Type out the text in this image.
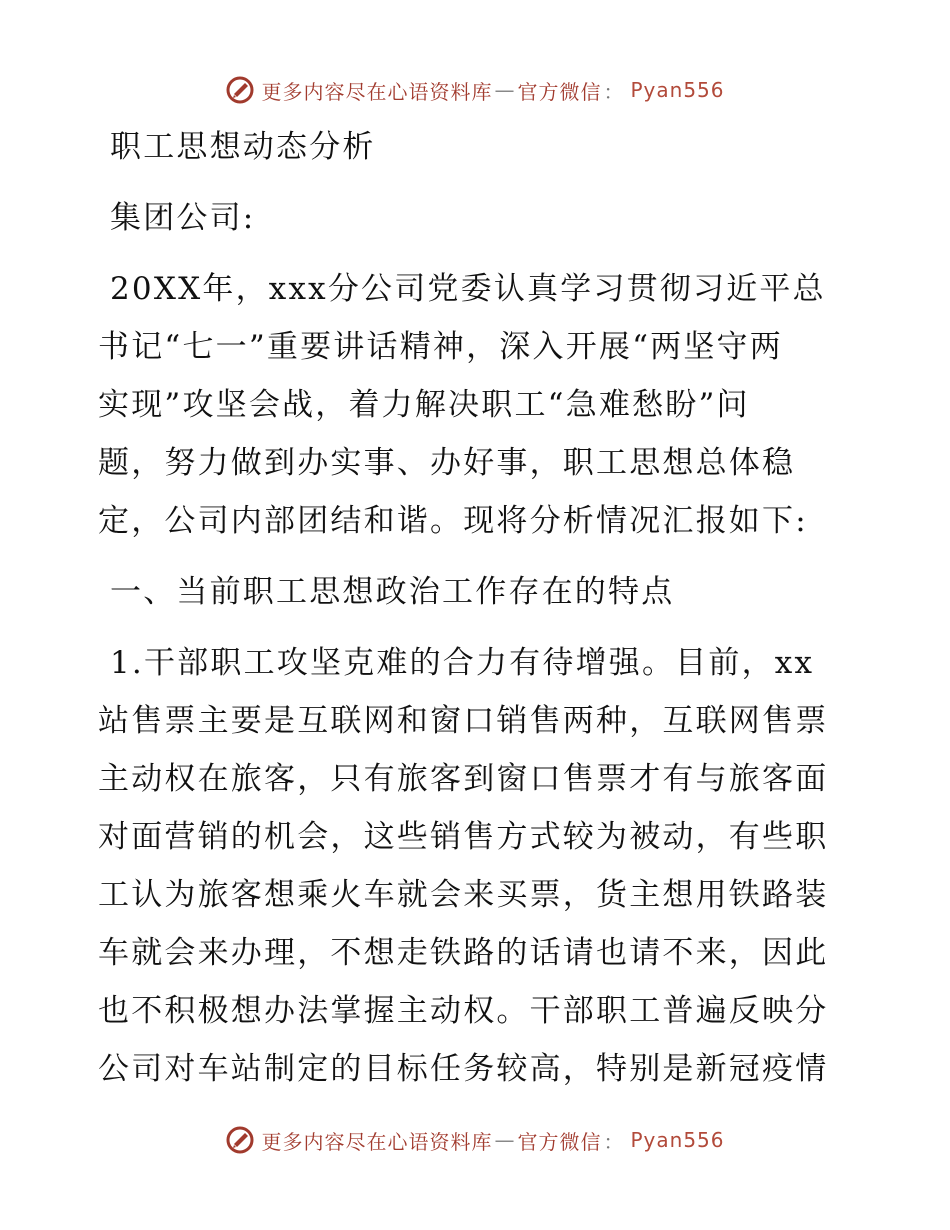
更多内容尽在心语资料库 — 官方微信 ： Pyan556
职工思想动态分析
集团公司:
20XX年，xxx分公司党委认真学习贯彻习近平总
书记“七一”重要讲话精神，深入开展“两坚守两
实现”攻坚会战，着力解决职工“急难愁盼”问
题，努力做到办实事、办好事，职工思想总体稳
定，公司内部团结和谐。现将分析情况汇报如下:
一、当前职工思想政治工作存在的特点
1.干部职工攻坚克难的合力有待增强。目前，xx
站售票主要是互联网和窗口销售两种，互联网售票
主动权在旅客，只有旅客到窗口售票才有与旅客面
对面营销的机会，这些销售方式较为被动，有些职
工认为旅客想乘火车就会来买票，货主想用铁路装
车就会来办理，不想走铁路的话请也请不来，因此
也不积极想办法掌握主动权。干部职工普遍反映分
公司对车站制定的目标任务较高，特别是新冠疫情
更多内容尽在心语资料库 — 官方微信 ： Pyan556
